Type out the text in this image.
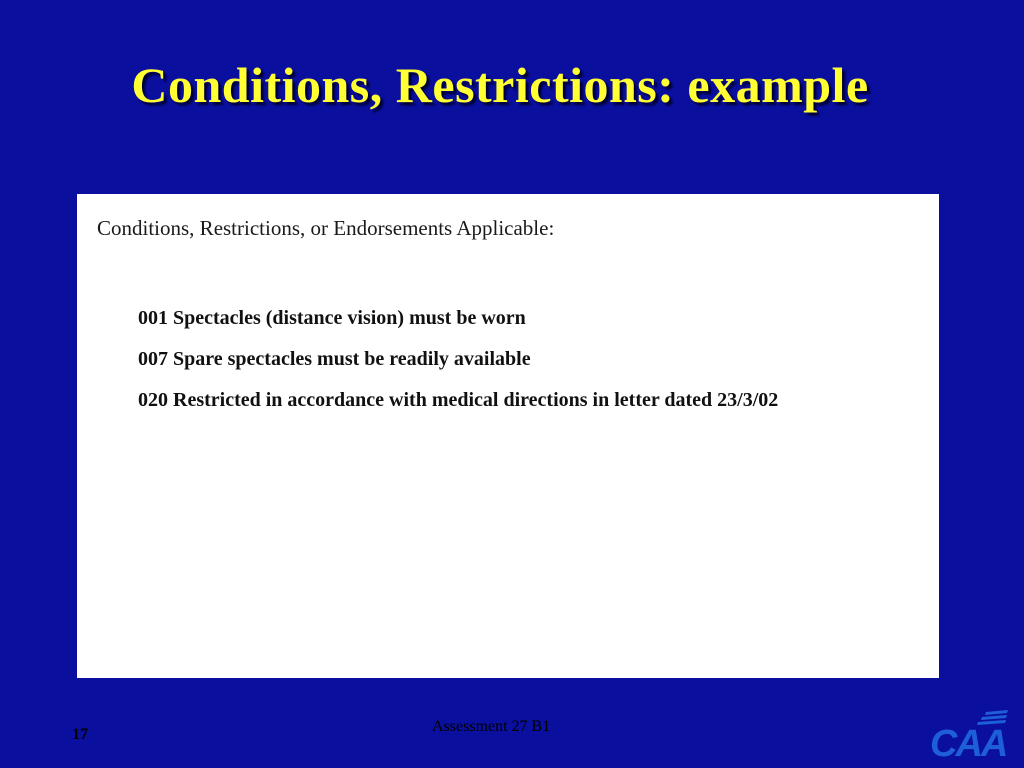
Conditions, Restrictions: example
Conditions, Restrictions, or Endorsements Applicable:
001 Spectacles (distance vision) must be worn
007 Spare spectacles must be readily available
020 Restricted in accordance with medical directions in letter dated 23/3/02
17	Assessment 27 B1	CAA
